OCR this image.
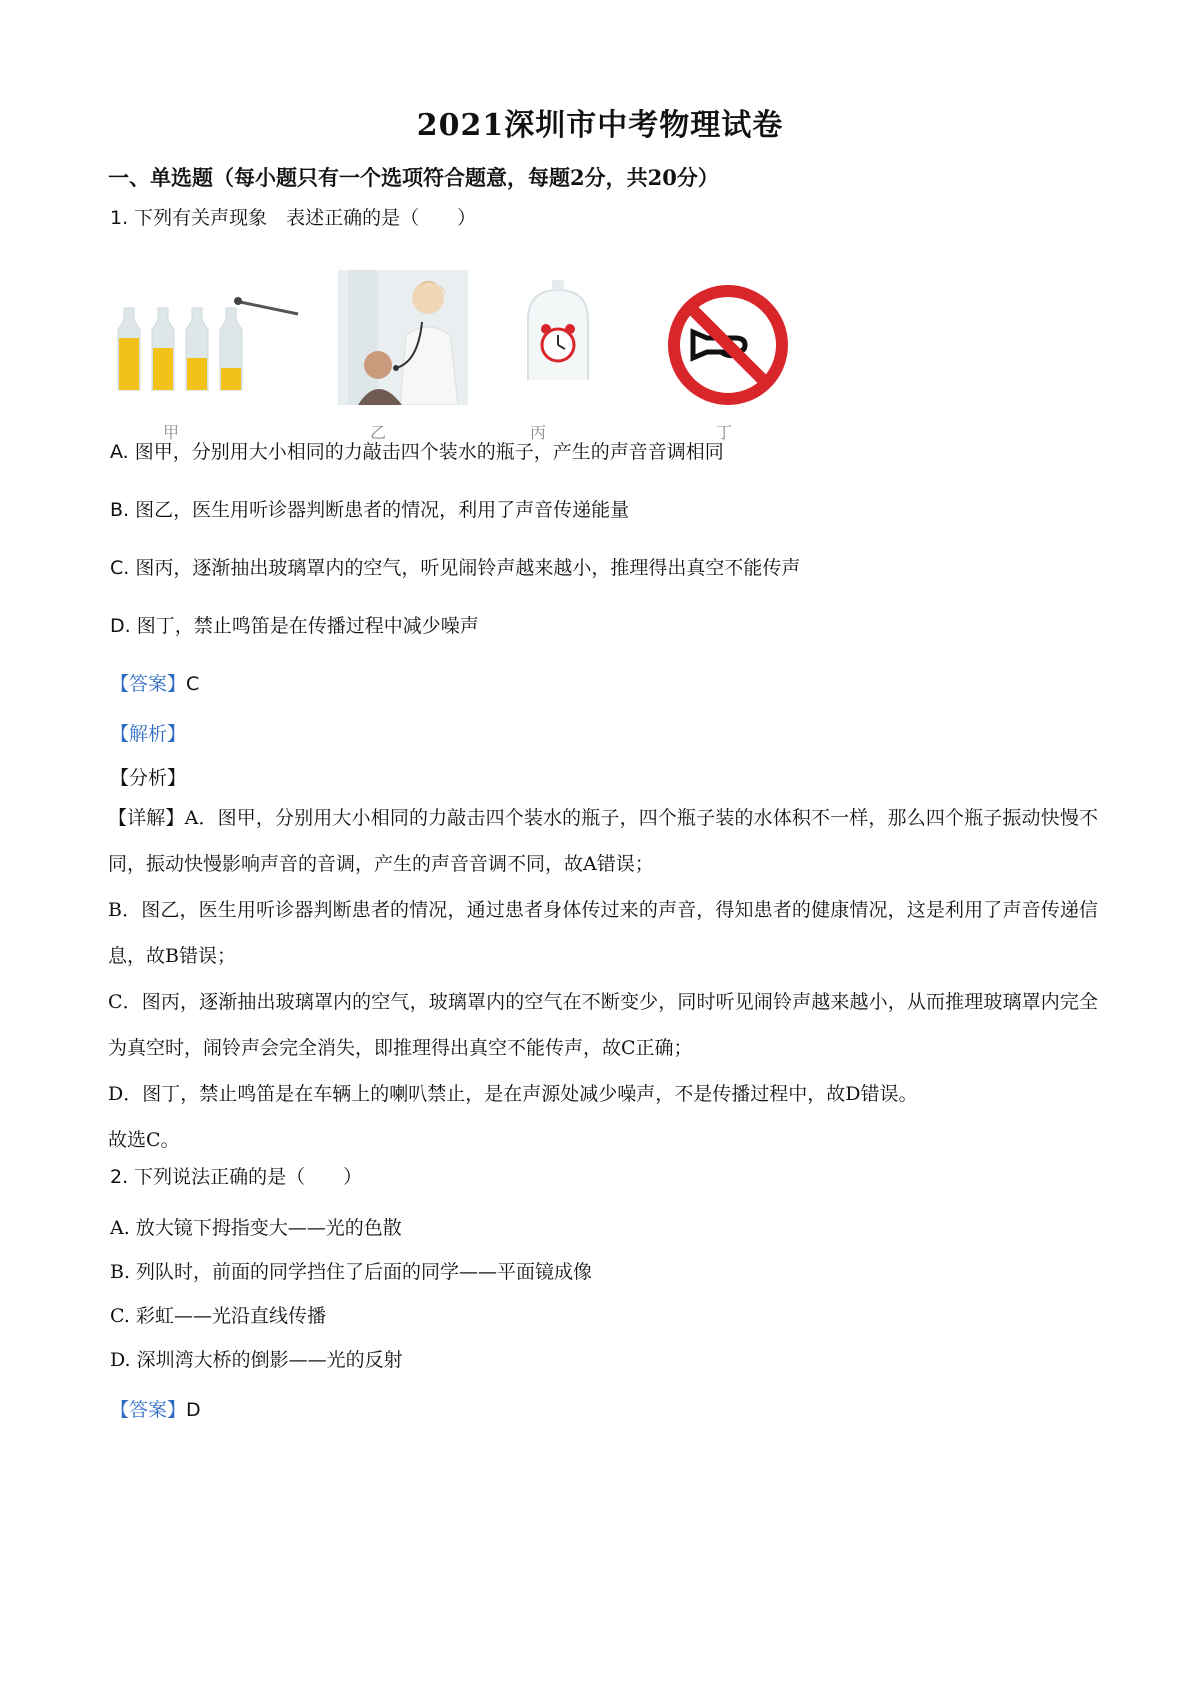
2021深圳市中考物理试卷
一、单选题（每小题只有一个选项符合题意，每题2分，共20分）
1. 下列有关声现象　表述正确的是（　　）
甲	乙	丙	丁
A. 图甲，分别用大小相同的力敲击四个装水的瓶子，产生的声音音调相同
B. 图乙，医生用听诊器判断患者的情况，利用了声音传递能量
C. 图丙，逐渐抽出玻璃罩内的空气，听见闹铃声越来越小，推理得出真空不能传声
D. 图丁，禁止鸣笛是在传播过程中减少噪声
【答案】C
【解析】
【分析】
【详解】A．图甲，分别用大小相同的力敲击四个装水的瓶子，四个瓶子装的水体积不一样，那么四个瓶子振动快慢不同，振动快慢影响声音的音调，产生的声音音调不同，故A错误；
B．图乙，医生用听诊器判断患者的情况，通过患者身体传过来的声音，得知患者的健康情况，这是利用了声音传递信息，故B错误；
C．图丙，逐渐抽出玻璃罩内的空气，玻璃罩内的空气在不断变少，同时听见闹铃声越来越小，从而推理玻璃罩内完全为真空时，闹铃声会完全消失，即推理得出真空不能传声，故C正确；
D．图丁，禁止鸣笛是在车辆上的喇叭禁止，是在声源处减少噪声，不是传播过程中，故D错误。
故选C。
2. 下列说法正确的是（　　）
A. 放大镜下拇指变大——光的色散
B. 列队时，前面的同学挡住了后面的同学——平面镜成像
C. 彩虹——光沿直线传播
D. 深圳湾大桥的倒影——光的反射
【答案】D
